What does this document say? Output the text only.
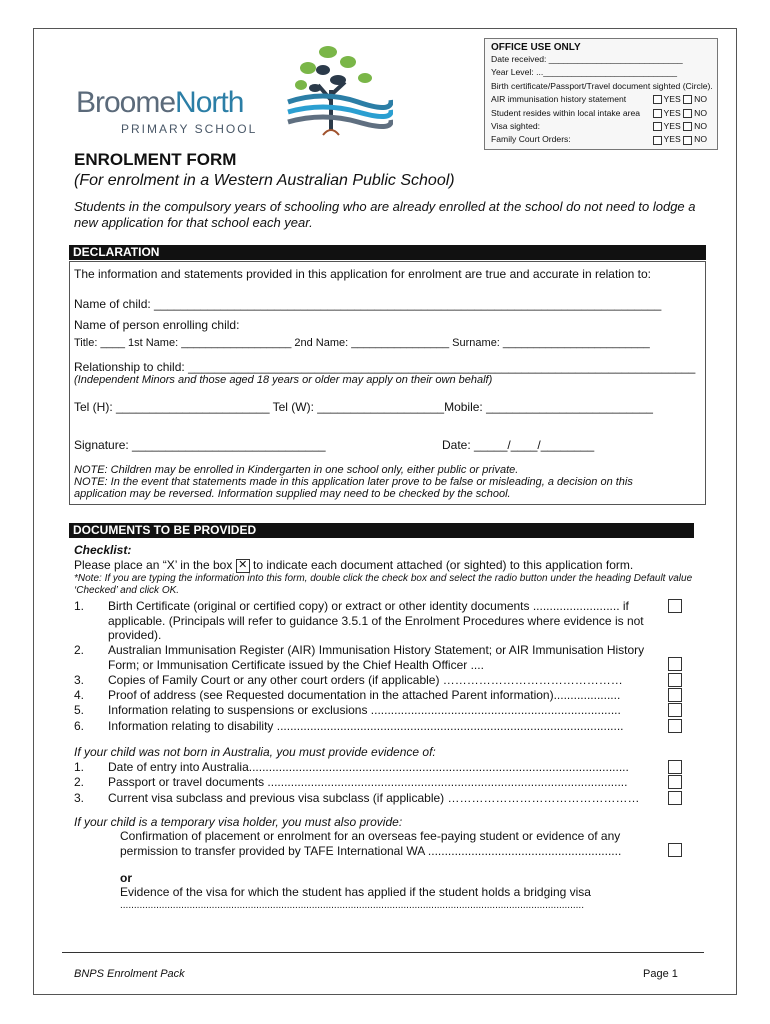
BroomeNorth
PRIMARY SCHOOL
OFFICE USE ONLY
Date received: ____________________________
Year Level: ...____________________________
Birth certificate/Passport/Travel document sighted (Circle).
AIR immunisation history statement	YES NO
Student resides within local intake area	YES NO
Visa sighted:	YES NO
Family Court Orders:	YES NO
ENROLMENT FORM
(For enrolment in a Western Australian Public School)
Students in the compulsory years of schooling who are already enrolled at the school do not need to lodge a new application for that school each year.
DECLARATION
The information and statements provided in this application for enrolment are true and accurate in relation to:
Name of child: ____________________________________________________________________________
Name of person enrolling child:
Title: ____ 1st Name: __________________ 2nd Name: ________________ Surname: ________________________
Relationship to child: ____________________________________________________________________________
(Independent Minors and those aged 18 years or older may apply on their own behalf)
Tel (H): _______________________ Tel (W): ___________________Mobile: _________________________
Signature: _____________________________	Date: _____/____/________
NOTE: Children may be enrolled in Kindergarten in one school only, either public or private.
NOTE: In the event that statements made in this application later prove to be false or misleading, a decision on this application may be reversed. Information supplied may need to be checked by the school.
DOCUMENTS TO BE PROVIDED
Checklist:
Please place an “X’ in the box ✕ to indicate each document attached (or sighted) to this application form.
*Note: If you are typing the information into this form, double click the check box and select the radio button under the heading Default value ‘Checked’ and click OK.
1. Birth Certificate (original or certified copy) or extract or other identity documents .......................... if applicable. (Principals will refer to guidance 3.5.1 of the Enrolment Procedures where evidence is not provided).
2. Australian Immunisation Register (AIR) Immunisation History Statement; or AIR Immunisation History Form; or Immunisation Certificate issued by the Chief Health Officer ....
3. Copies of Family Court or any other court orders (if applicable) ………………………………………
4. Proof of address (see Requested documentation in the attached Parent information)....................
5. Information relating to suspensions or exclusions ...........................................................................
6. Information relating to disability ........................................................................................................
If your child was not born in Australia, you must provide evidence of:
1. Date of entry into Australia..................................................................................................................
2. Passport or travel documents ............................................................................................................
3. Current visa subclass and previous visa subclass (if applicable) …………………………………………
If your child is a temporary visa holder, you must also provide:
Confirmation of placement or enrolment for an overseas fee-paying student or evidence of any permission to transfer provided by TAFE International WA ..........................................................
or
Evidence of the visa for which the student has applied if the student holds a bridging visa
.......................................................................................................................................................................
BNPS Enrolment Pack	Page 1
